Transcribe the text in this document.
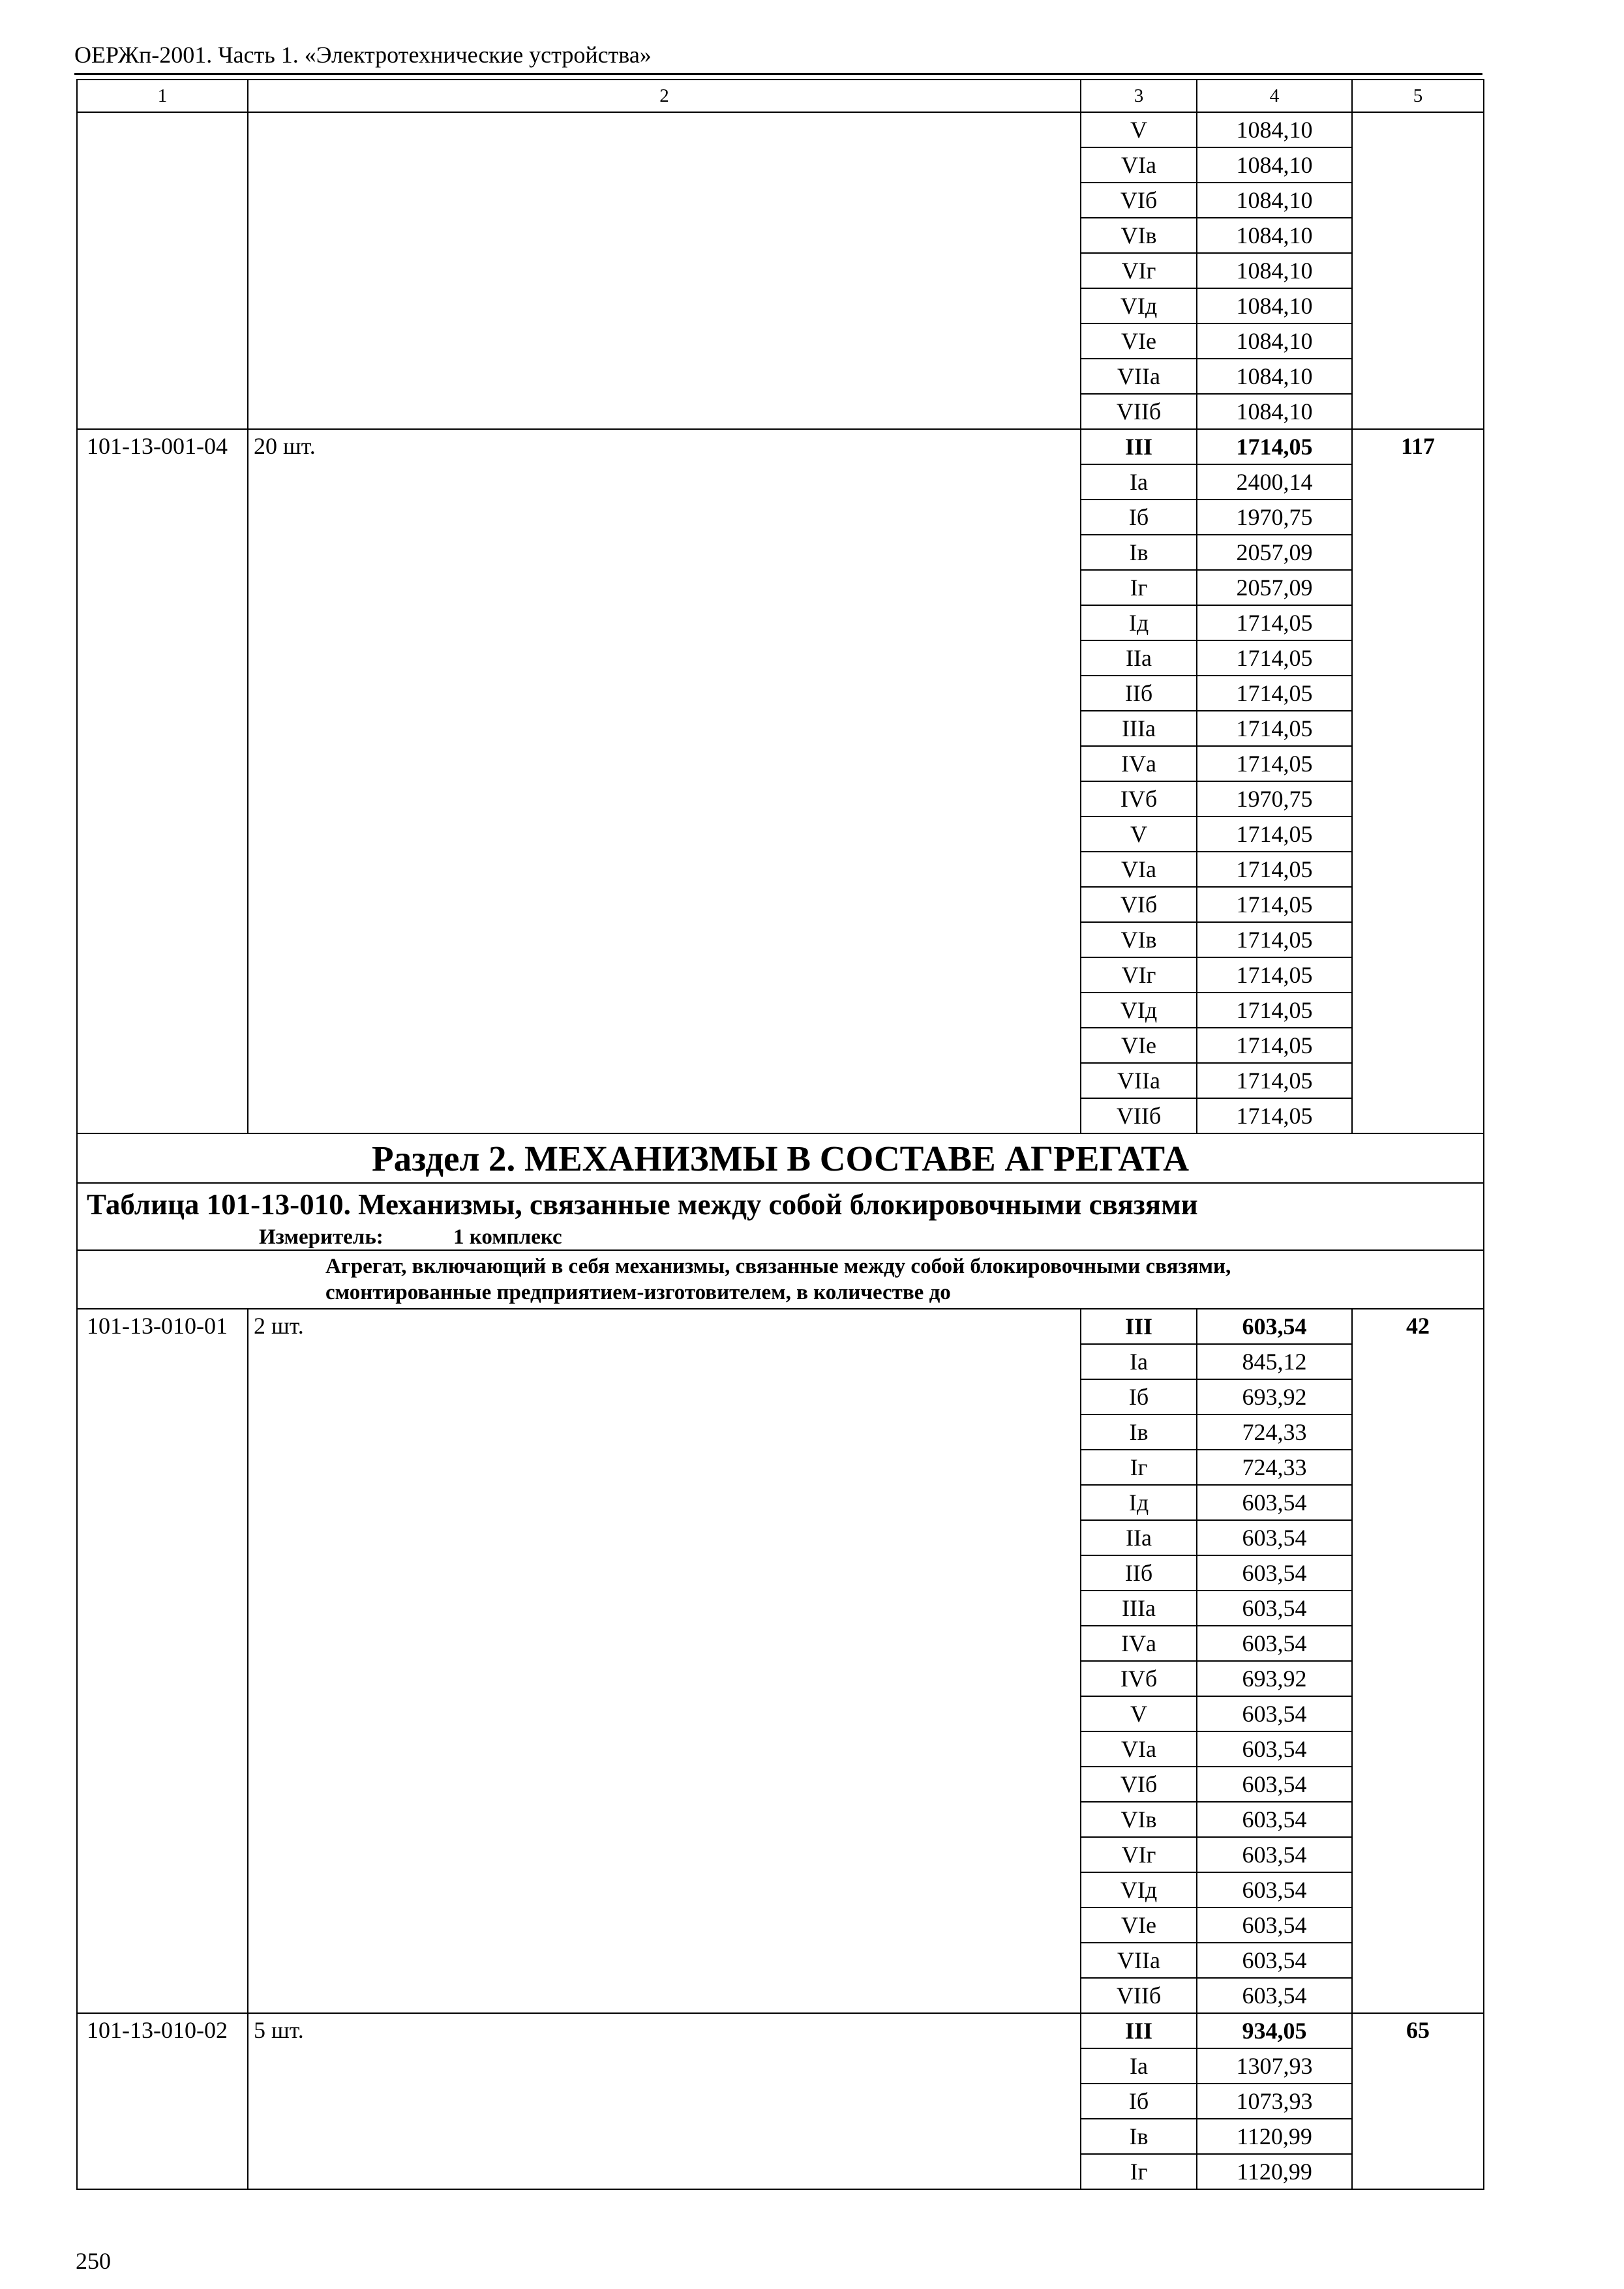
ОЕРЖп-2001. Часть 1. «Электротехнические устройства»
1	2	3	4	5
		V	1084,10	
		VIа	1084,10	
		VIб	1084,10	
		VIв	1084,10	
		VIг	1084,10	
		VIд	1084,10	
		VIе	1084,10	
		VIIа	1084,10	
		VIIб	1084,10	
101-13-001-04	20 шт.	III	1714,05	117
		Iа	2400,14	
		Iб	1970,75	
		Iв	2057,09	
		Iг	2057,09	
		Iд	1714,05	
		IIа	1714,05	
		IIб	1714,05	
		IIIа	1714,05	
		IVа	1714,05	
		IVб	1970,75	
		V	1714,05	
		VIа	1714,05	
		VIб	1714,05	
		VIв	1714,05	
		VIг	1714,05	
		VIд	1714,05	
		VIе	1714,05	
		VIIа	1714,05	
		VIIб	1714,05	
Раздел 2. МЕХАНИЗМЫ В СОСТАВЕ АГРЕГАТА				

Таблица 101-13-010. Механизмы, связанные между собой блокировочными связями
Измеритель: 1 комплекс				

Агрегат, включающий в себя механизмы, связанные между собой блокировочными связями,
смонтированные предприятием-изготовителем, в количестве до				

101-13-010-01	2 шт.	III	603,54	42
		Iа	845,12	
		Iб	693,92	
		Iв	724,33	
		Iг	724,33	
		Iд	603,54	
		IIа	603,54	
		IIб	603,54	
		IIIа	603,54	
		IVа	603,54	
		IVб	693,92	
		V	603,54	
		VIа	603,54	
		VIб	603,54	
		VIв	603,54	
		VIг	603,54	
		VIд	603,54	
		VIе	603,54	
		VIIа	603,54	
		VIIб	603,54	
101-13-010-02	5 шт.	III	934,05	65
		Iа	1307,93	
		Iб	1073,93	
		Iв	1120,99	
		Iг	1120,99	
250
